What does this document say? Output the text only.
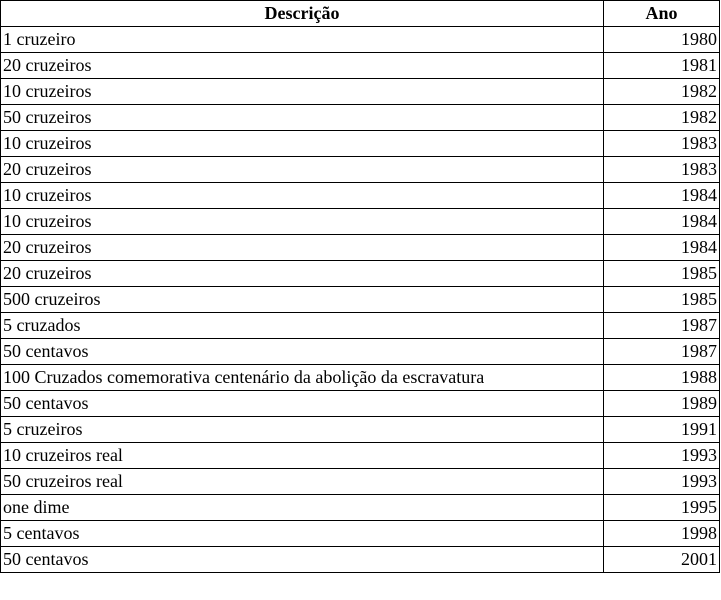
Descrição	Ano
1 cruzeiro	1980
20 cruzeiros	1981
10 cruzeiros	1982
50 cruzeiros	1982
10 cruzeiros	1983
20 cruzeiros	1983
10 cruzeiros	1984
10 cruzeiros	1984
20 cruzeiros	1984
20 cruzeiros	1985
500 cruzeiros	1985
5 cruzados	1987
50 centavos	1987
100 Cruzados comemorativa centenário da abolição da escravatura	1988
50 centavos	1989
5 cruzeiros	1991
10 cruzeiros real	1993
50 cruzeiros real	1993
one dime	1995
5 centavos	1998
50 centavos	2001
